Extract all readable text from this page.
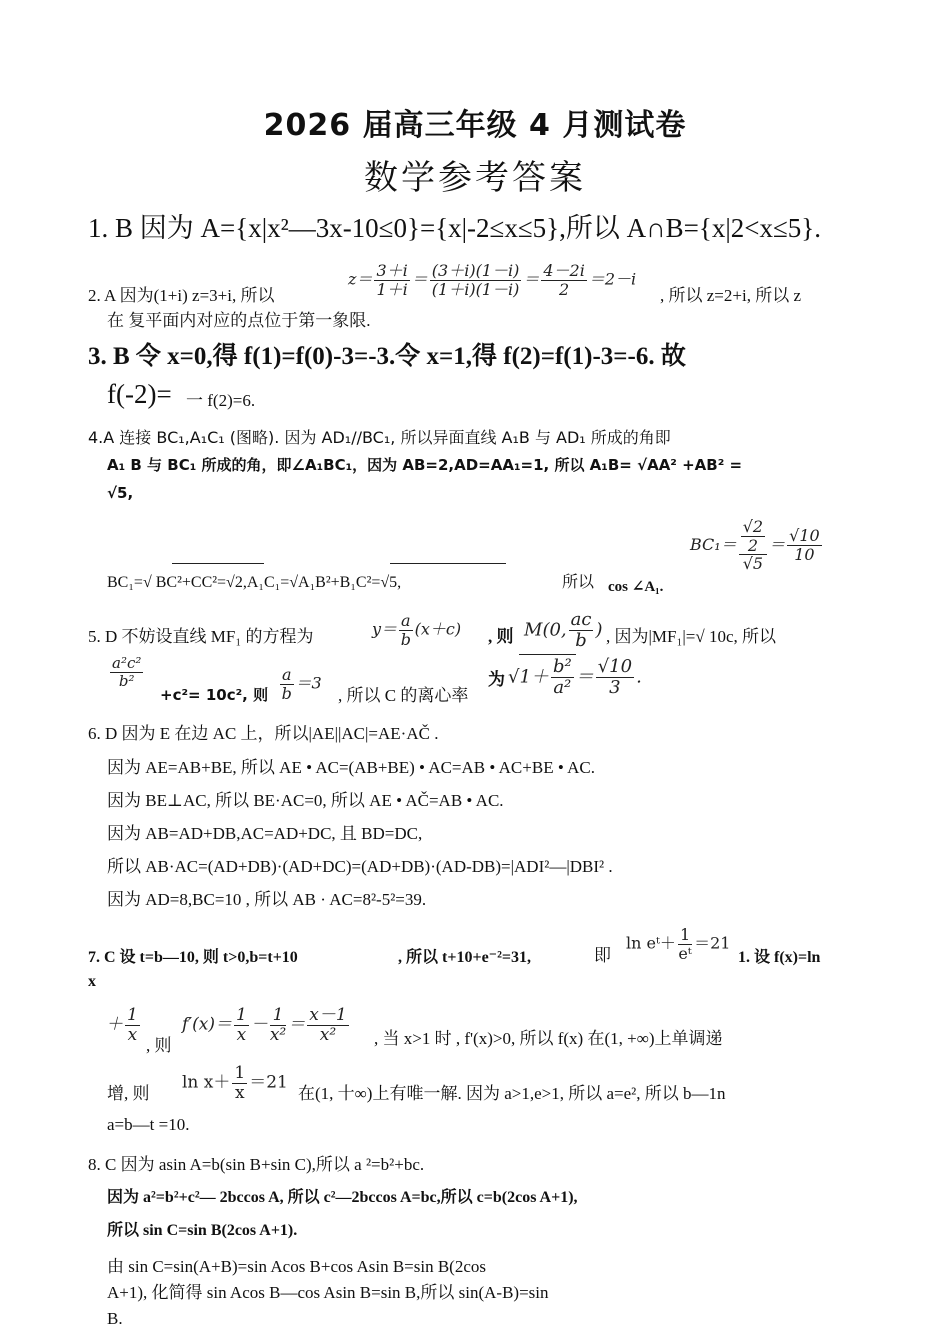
2026 届高三年级 4 月测试卷
数学参考答案
1. B 因为 A={x|x²—3x-10≤0}={x|-2≤x≤5},所以 A∩B={x|2<x≤5}.
2. A 因为(1+i) z=3+i, 所以
$z= \frac{3+i}{1+i} = \frac{(3+i)(1-i)}{(1+i)(1-i)} = \frac{4-2i}{2} =2-i$
, 所以 z=2+i, 所以 z
在 复平面内对应的点位于第一象限.
3. B 令 x=0,得 f(1)=f(0)-3=-3.令 x=1,得 f(2)=f(1)-3=-6. 故
f(-2)= 一 f(2)=6.
4.A 连接 BC₁,A₁C₁ (图略). 因为 AD₁//BC₁, 所以异面直线 A₁B 与 AD₁ 所成的角即
A₁ B 与 BC₁ 所成的角，即∠A₁BC₁，因为 AB=2,AD=AA₁=1, 所以 A₁B= √AA² +AB² =
√5,
BC₁=√ BC²+CC²=√2,A₁C₁=√A₁B²+B₁C²=√5,	所以 cos ∠A₁.
$BC_1= \frac{\frac{√2}{2}}{√5} = \frac{√10}{10}$
5. D 不妨设直线 MF₁ 的方程为	$y= \frac{a}{b} (x+c)$ , 则 M(0, $\frac{ac}{b}$ ) , 因为|MF₁|=√ 10c, 所以
$\frac{\text{a²c²}}{\text{b²}}$
+c²= 10c², 则 $\frac{a}{b} =3$
, 所以 C 的离心率
为 $√1+ \frac{\text{b²}}{\text{a²}} = \frac{√10}{3}$ .
6. D 因为 E 在边 AC 上，所以|AE||AC|=AE·AČ .
因为 AE=AB+BE, 所以 AE • AC=(AB+BE) • AC=AB • AC+BE • AC.
因为 BE⊥AC, 所以 BE·AC=0, 所以 AE • AČ=AB • AC.
因为 AB=AD+DB,AC=AD+DC, 且 BD=DC,
所以 AB·AC=(AD+DB)·(AD+DC)=(AD+DB)·(AD-DB)=|ADI²—|DBI² .
因为 AD=8,BC=10 , 所以 AB · AC=8²-5²=39.
7. C 设 t=b—10, 则 t>0,b=t+10	, 所以 t+10+e⁻²=31,	即
ln eᵗ＋ $\frac{1}{\text{eᵗ}} =21$
1. 设 f(x)=ln
x
＋ $\frac{1}{x}$
, 则
$f'(x)= \frac{1}{x} - \frac{1}{\text{x²}} = \frac{x-1}{\text{x²}}$ , 当 x>1 时 , f'(x)>0, 所以 f(x) 在(1, +∞)上单调递
增, 则
$\ln x+ \frac{1}{x} =21$
在(1, 十∞)上有唯一解. 因为 a>1,e>1, 所以 a=e², 所以 b—1n
a=b—t =10.
8. C 因为 asin A=b(sin B+sin C),所以 a ²=b²+bc.
因为 a²=b²+c²— 2bccos A, 所以 c²—2bccos A=bc,所以 c=b(2cos A+1),
所以 sin C=sin B(2cos A+1).
由 sin C=sin(A+B)=sin Acos B+cos Asin B=sin B(2cos
A+1), 化简得 sin Acos B—cos Asin B=sin B,所以 sin(A-B)=sin
B.
